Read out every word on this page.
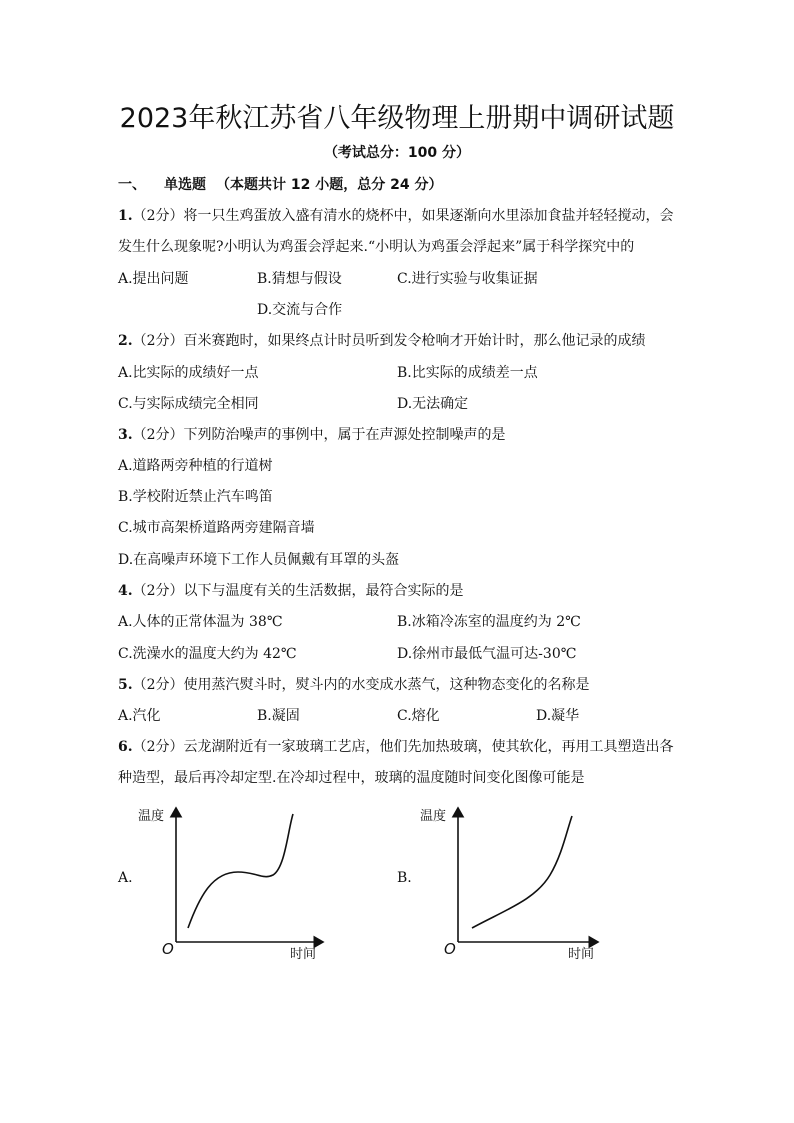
2023年秋江苏省八年级物理上册期中调研试题
（考试总分：100 分）
一、 单选题 （本题共计 12 小题，总分 24 分）
1.（2分）将一只生鸡蛋放入盛有清水的烧杯中，如果逐渐向水里添加食盐并轻轻搅动，会
发生什么现象呢?小明认为鸡蛋会浮起来.“小明认为鸡蛋会浮起来”属于科学探究中的
A.提出问题	B.猜想与假设	C.进行实验与收集证据
D.交流与合作
2.（2分）百米赛跑时，如果终点计时员听到发令枪响才开始计时，那么他记录的成绩
A.比实际的成绩好一点	B.比实际的成绩差一点
C.与实际成绩完全相同	D.无法确定
3.（2分）下列防治噪声的事例中，属于在声源处控制噪声的是
A.道路两旁种植的行道树
B.学校附近禁止汽车鸣笛
C.城市高架桥道路两旁建隔音墙
D.在高噪声环境下工作人员佩戴有耳罩的头盔
4.（2分）以下与温度有关的生活数据，最符合实际的是
A.人体的正常体温为 38℃	B.冰箱冷冻室的温度约为 2℃
C.洗澡水的温度大约为 42℃	D.徐州市最低气温可达-30℃
5.（2分）使用蒸汽熨斗时，熨斗内的水变成水蒸气，这种物态变化的名称是
A.汽化	B.凝固	C.熔化	D.凝华
6.（2分）云龙湖附近有一家玻璃工艺店，他们先加热玻璃，使其软化，再用工具塑造出各
种造型，最后再冷却定型.在冷却过程中，玻璃的温度随时间变化图像可能是
A.	B.
温度
时间
O
温度
时间
O
